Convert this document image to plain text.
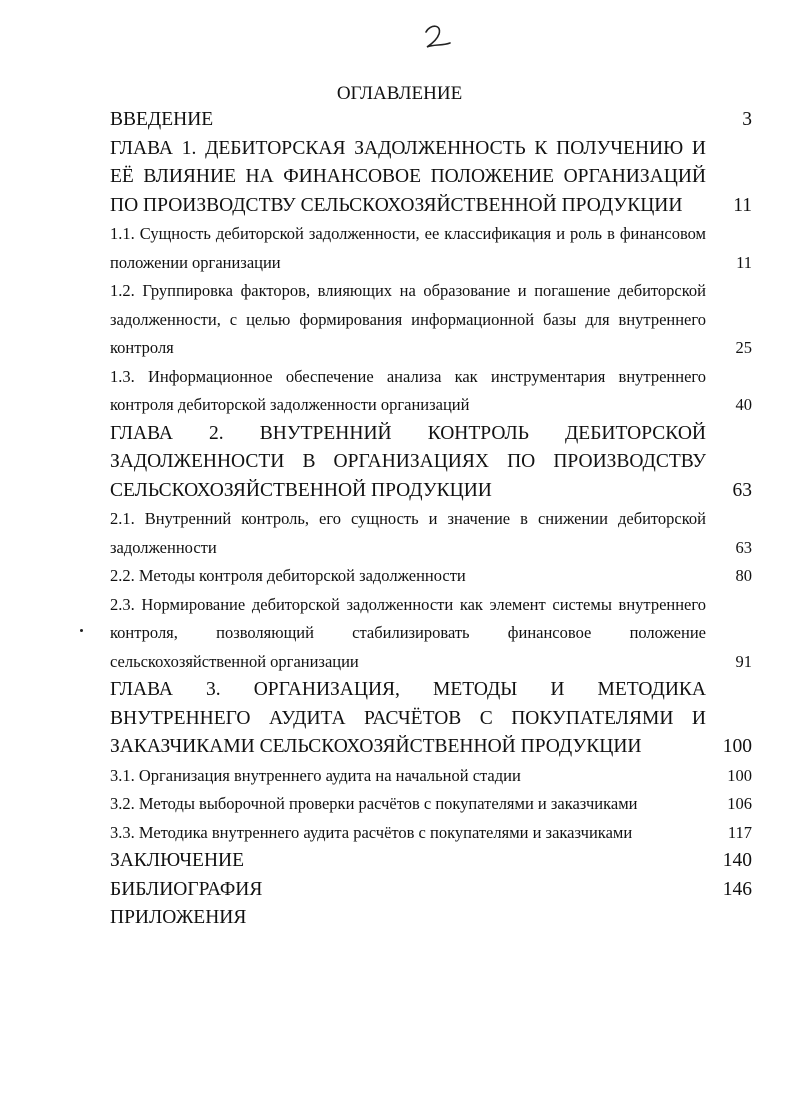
ОГЛАВЛЕНИЕ
ВВЕДЕНИЕ	3
ГЛАВА 1. ДЕБИТОРСКАЯ ЗАДОЛЖЕННОСТЬ К ПОЛУЧЕНИЮ И ЕЁ ВЛИЯНИЕ НА ФИНАНСОВОЕ ПОЛОЖЕНИЕ ОРГАНИЗАЦИЙ ПО ПРОИЗВОДСТВУ СЕЛЬСКОХОЗЯЙСТВЕННОЙ ПРОДУКЦИИ	11
1.1. Сущность дебиторской задолженности, ее классификация и роль в финансовом положении организации	11
1.2. Группировка факторов, влияющих на образование и погашение дебиторской задолженности, с целью формирования информационной базы для внутреннего контроля	25
1.3. Информационное обеспечение анализа как инструментария внутреннего контроля дебиторской задолженности организаций	40
ГЛАВА 2. ВНУТРЕННИЙ КОНТРОЛЬ ДЕБИТОРСКОЙ ЗАДОЛЖЕННОСТИ В ОРГАНИЗАЦИЯХ ПО ПРОИЗВОДСТВУ СЕЛЬСКОХОЗЯЙСТВЕННОЙ ПРОДУКЦИИ	63
2.1. Внутренний контроль, его сущность и значение в снижении дебиторской задолженности	63
2.2. Методы контроля дебиторской задолженности	80
2.3. Нормирование дебиторской задолженности как элемент системы внутреннего контроля, позволяющий стабилизировать финансовое положение сельскохозяйственной организации	91
ГЛАВА 3. ОРГАНИЗАЦИЯ, МЕТОДЫ И МЕТОДИКА ВНУТРЕННЕГО АУДИТА РАСЧЁТОВ С ПОКУПАТЕЛЯМИ И ЗАКАЗЧИКАМИ СЕЛЬСКОХОЗЯЙСТВЕННОЙ ПРОДУКЦИИ	100
3.1. Организация внутреннего аудита на начальной стадии	100
3.2. Методы выборочной проверки расчётов с покупателями и заказчиками	106
3.3. Методика внутреннего аудита расчётов с покупателями и заказчиками	117
ЗАКЛЮЧЕНИЕ	140
БИБЛИОГРАФИЯ	146
ПРИЛОЖЕНИЯ
